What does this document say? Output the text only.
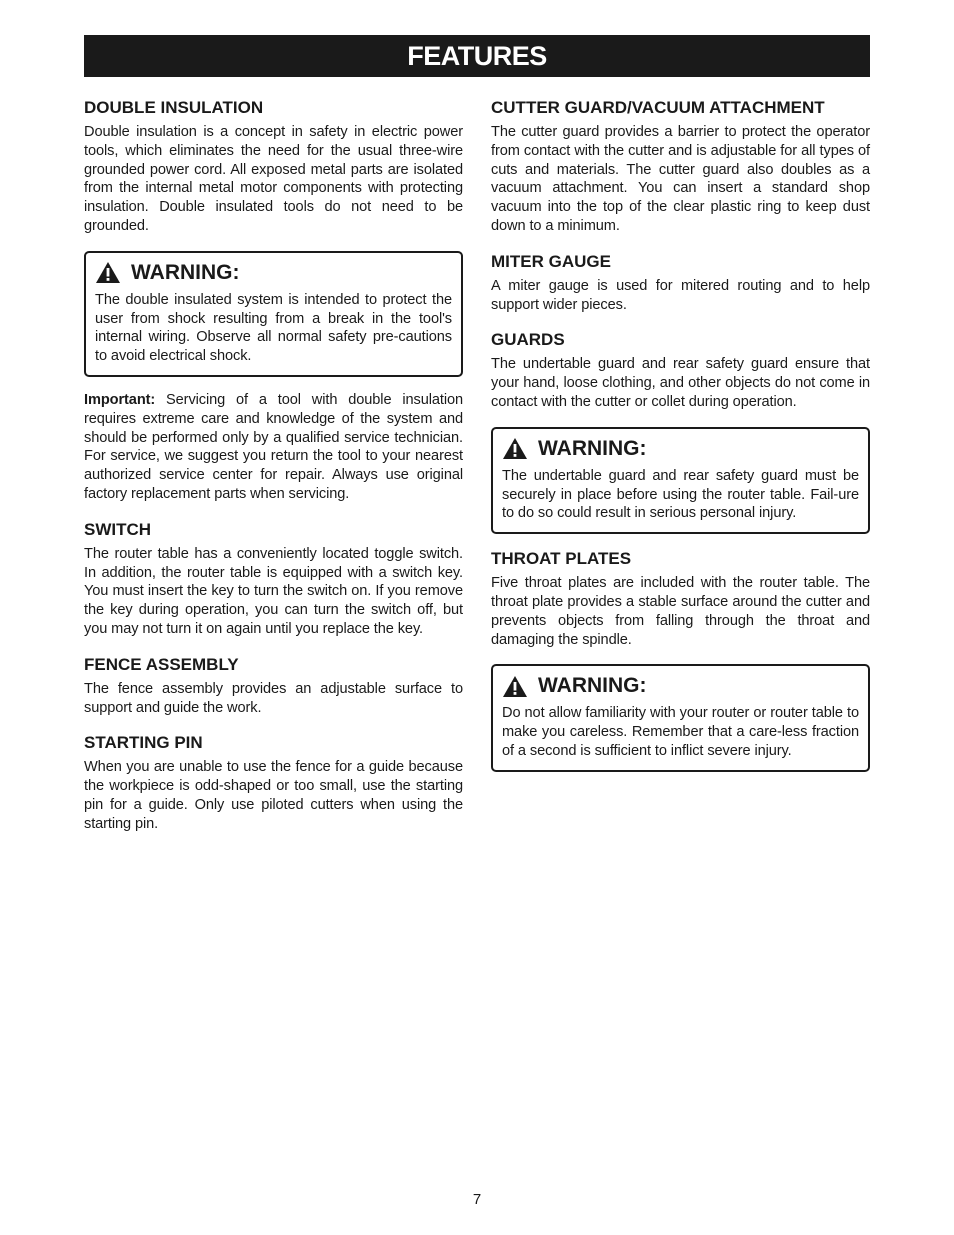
FEATURES
DOUBLE INSULATION

Double insulation is a concept in safety in electric power tools, which eliminates the need for the usual three-wire grounded power cord. All exposed metal parts are isolated from the internal metal motor components with protecting insulation. Double insulated tools do not need to be grounded.

WARNING:

The double insulated system is intended to protect the user from shock resulting from a break in the tool's internal wiring. Observe all normal safety pre-cautions to avoid electrical shock.

Important: Servicing of a tool with double insulation requires extreme care and knowledge of the system and should be performed only by a qualified service technician. For service, we suggest you return the tool to your nearest authorized service center for repair. Always use original factory replacement parts when servicing.

SWITCH

The router table has a conveniently located toggle switch. In addition, the router table is equipped with a switch key. You must insert the key to turn the switch on. If you remove the key during operation, you can turn the switch off, but you may not turn it on again until you replace the key.

FENCE ASSEMBLY

The fence assembly provides an adjustable surface to support and guide the work.

STARTING PIN

When you are unable to use the fence for a guide because the workpiece is odd-shaped or too small, use the starting pin for a guide. Only use piloted cutters when using the starting pin.

CUTTER GUARD/VACUUM ATTACHMENT

The cutter guard provides a barrier to protect the operator from contact with the cutter and is adjustable for all types of cuts and materials. The cutter guard also doubles as a vacuum attachment. You can insert a standard shop vacuum into the top of the clear plastic ring to keep dust down to a minimum.

MITER GAUGE

A miter gauge is used for mitered routing and to help support wider pieces.

GUARDS

The undertable guard and rear safety guard ensure that your hand, loose clothing, and other objects do not come in contact with the cutter or collet during operation.

WARNING:

The undertable guard and rear safety guard must be securely in place before using the router table. Fail-ure to do so could result in serious personal injury.

THROAT PLATES

Five throat plates are included with the router table. The throat plate provides a stable surface around the cutter and prevents objects from falling through the throat and damaging the spindle.

WARNING:

Do not allow familiarity with your router or router table to make you careless. Remember that a care-less fraction of a second is sufficient to inflict severe injury.

7
